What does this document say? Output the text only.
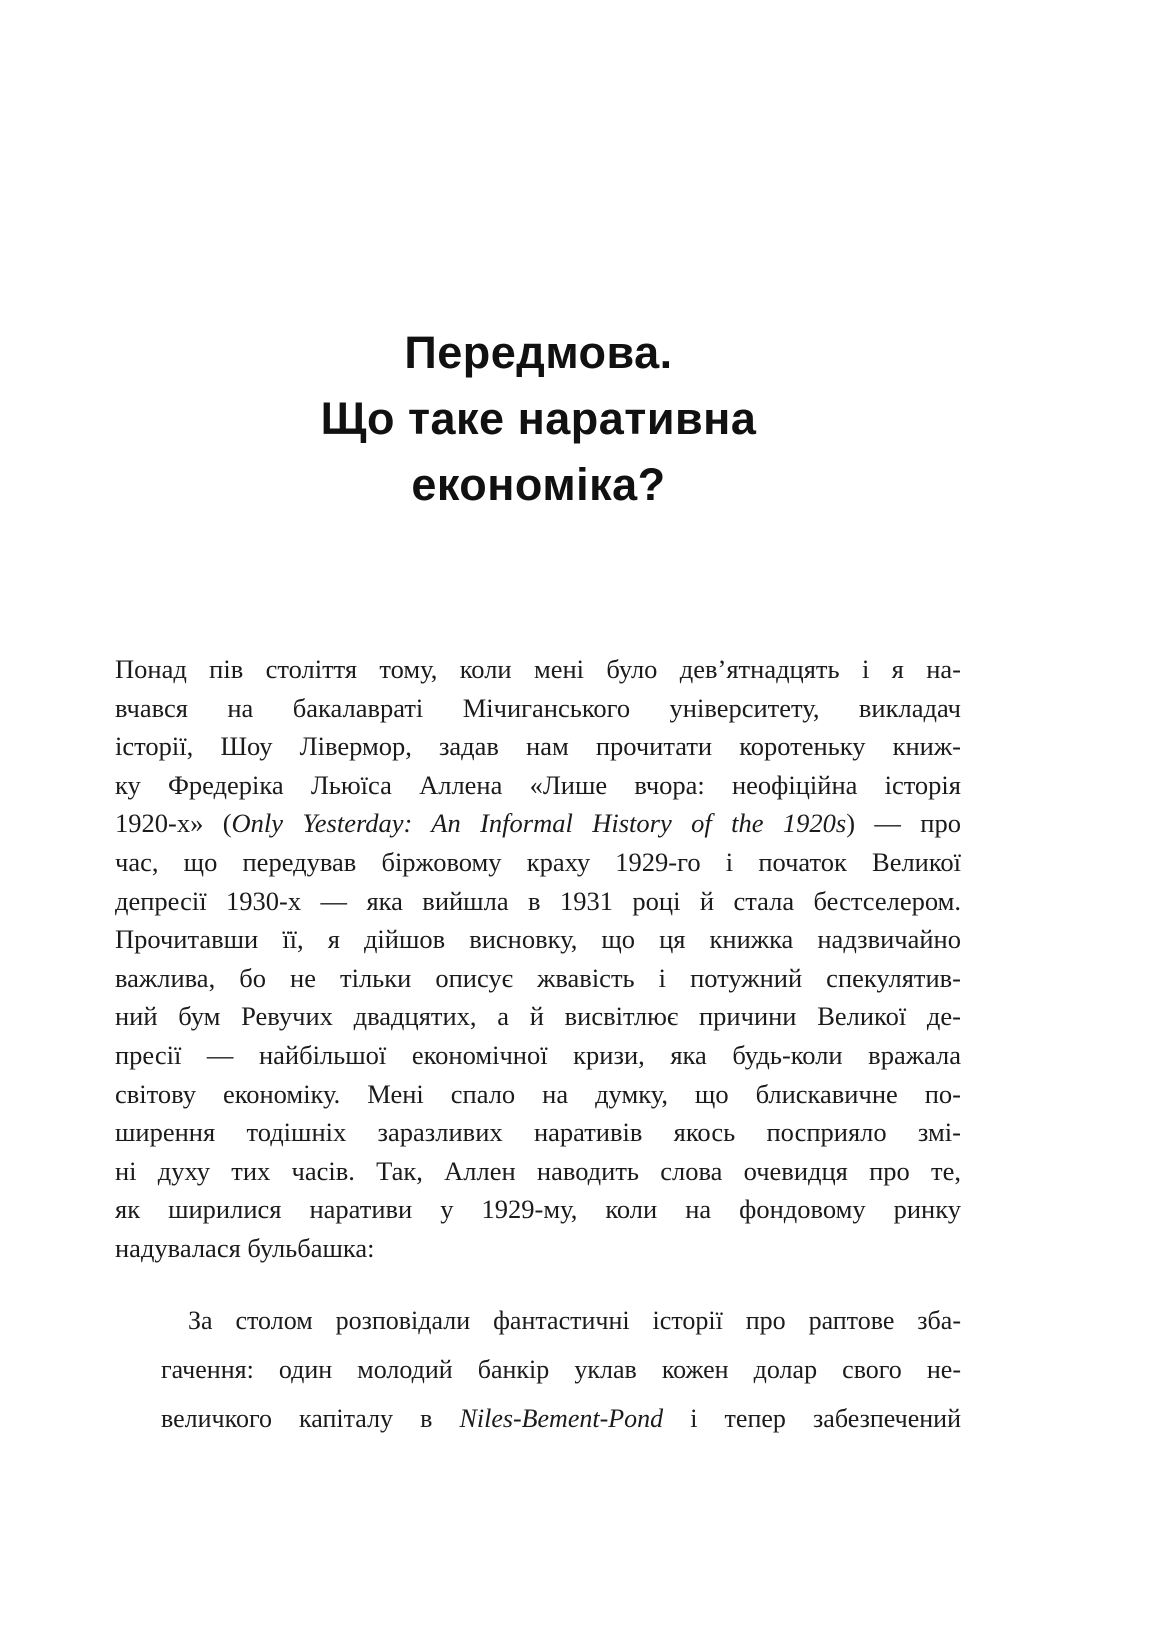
Передмова.
Що таке наративна
економіка?
Понад пів століття тому, коли мені було дев’ятнадцять і я на-
вчався на бакалавраті Мічиганського університету, викладач
історії, Шоу Лівермор, задав нам прочитати коротеньку книж-
ку Фредеріка Льюїса Аллена «Лише вчора: неофіційна історія
1920-х» (Only Yesterday: An Informal History of the 1920s) — про
час, що передував біржовому краху 1929-го і початок Великої
депресії 1930-х — яка вийшла в 1931 році й стала бестселером.
Прочитавши її, я дійшов висновку, що ця книжка надзвичайно
важлива, бо не тільки описує жвавість і потужний спекулятив-
ний бум Ревучих двадцятих, а й висвітлює причини Великої де-
пресії — найбільшої економічної кризи, яка будь-коли вражала
світову економіку. Мені спало на думку, що блискавичне по-
ширення тодішніх заразливих наративів якось посприяло змі-
ні духу тих часів. Так, Аллен наводить слова очевидця про те,
як ширилися наративи у 1929-му, коли на фондовому ринку
надувалася бульбашка:
За столом розповідали фантастичні історії про раптове зба-
гачення: один молодий банкір уклав кожен долар свого не-
величкого капіталу в Niles-Bement-Pond і тепер забезпечений
